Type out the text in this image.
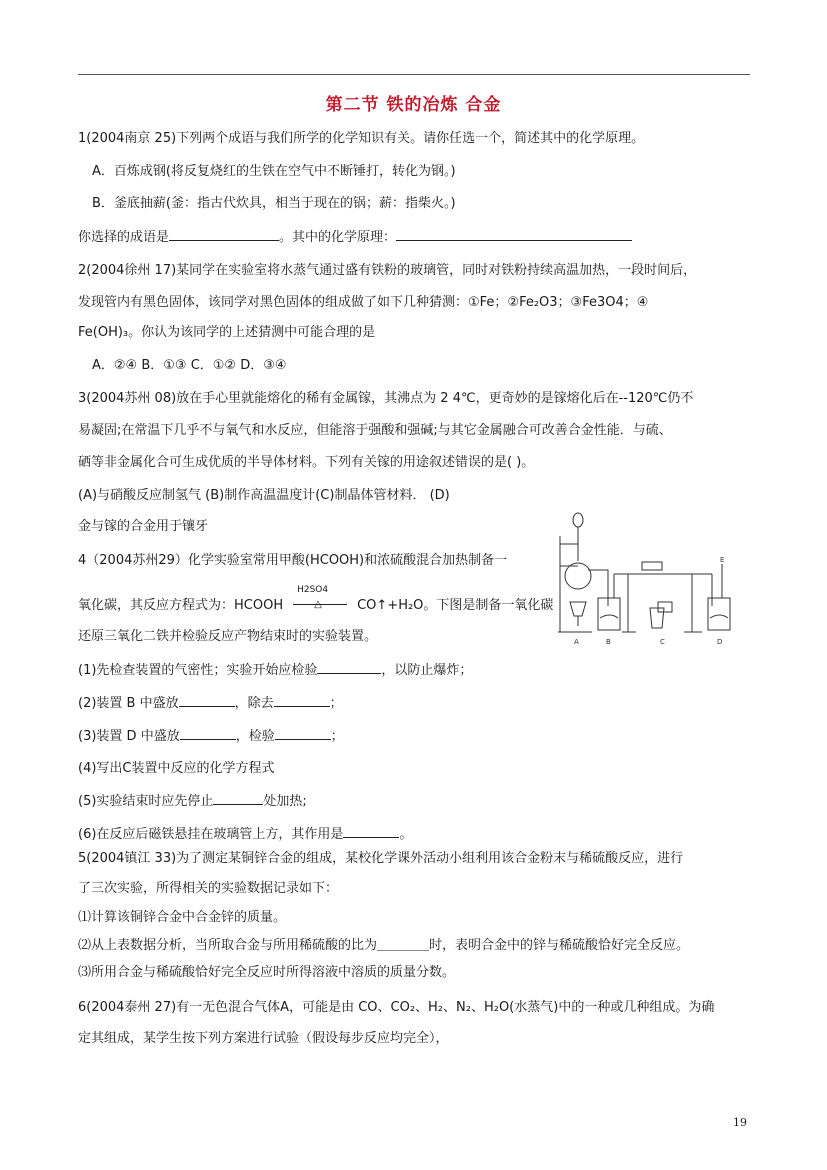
第二节 铁的冶炼 合金
1(2004南京 25)下列两个成语与我们所学的化学知识有关。请你任选一个，简述其中的化学原理。
A．百炼成钢(将反复烧红的生铁在空气中不断锤打，转化为钢。)
B．釜底抽薪(釜：指古代炊具，相当于现在的锅；薪：指柴火。)
你选择的成语是	。其中的化学原理：
2(2004徐州 17)某同学在实验室将水蒸气通过盛有铁粉的玻璃管，同时对铁粉持续高温加热，一段时间后，
发现管内有黑色固体，该同学对黑色固体的组成做了如下几种猜测：①Fe；②Fe₂O3；③Fe3O4；④
Fe(OH)₃。你认为该同学的上述猜测中可能合理的是
A．②④ B．①③ C．①② D．③④
3(2004苏州 08)放在手心里就能熔化的稀有金属镓，其沸点为 2 4℃，更奇妙的是镓熔化后在--120℃仍不
易凝固;在常温下几乎不与氧气和水反应，但能溶于强酸和强碱;与其它金属融合可改善合金性能．与硫、
硒等非金属化合可生成优质的半导体材料。下列有关镓的用途叙述错误的是( )。
(A)与硝酸反应制氢气 (B)制作高温温度计(C)制晶体管材料． (D)
金与镓的合金用于镶牙
4（2004苏州29）化学实验室常用甲酸(HCOOH)和浓硫酸混合加热制备一
氧化碳，其反应方程式为：HCOOH
H2SO4
△	CO↑+H₂O。下图是制备一氧化碳
还原三氧化二铁并检验反应产物结束时的实验装置。	A	B	C	D
E
(1)先检查装置的气密性；实验开始应检验	，以防止爆炸；
(2)装置 B 中盛放	，除去	；
(3)装置 D 中盛放	，检验	；
(4)写出C装置中反应的化学方程式
(5)实验结束时应先停止	处加热;
(6)在反应后磁铁悬挂在玻璃管上方，其作用是	。
5(2004镇江 33)为了测定某铜锌合金的组成，某校化学课外活动小组利用该合金粉末与稀硫酸反应，进行
了三次实验，所得相关的实验数据记录如下：
⑴计算该铜锌合金中合金锌的质量。
⑵从上表数据分析，当所取合金与所用稀硫酸的比为＿＿＿＿时，表明合金中的锌与稀硫酸恰好完全反应。
⑶所用合金与稀硫酸恰好完全反应时所得溶液中溶质的质量分数。
6(2004泰州 27)有一无色混合气体A，可能是由 CO、CO₂、H₂、N₂、H₂O(水蒸气)中的一种或几种组成。为确
定其组成，某学生按下列方案进行试验（假设每步反应均完全），
19
